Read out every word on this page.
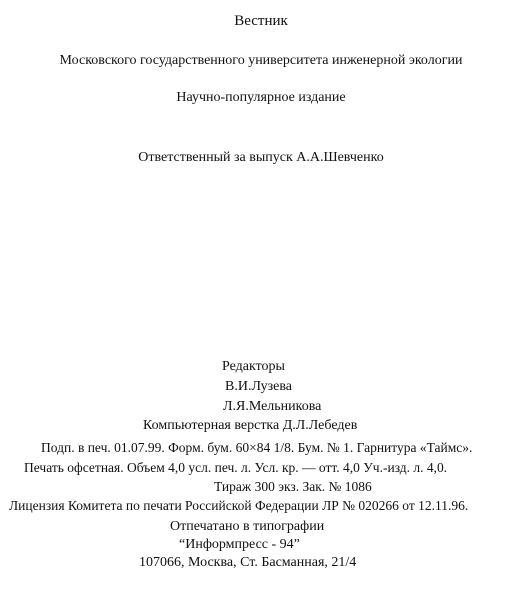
Вестник
Московского государственного университета инженерной экологии
Научно-популярное издание
Ответственный за выпуск А.А.Шевченко
Редакторы
В.И.Лузева
Л.Я.Мельникова
Компьютерная верстка Д.Л.Лебедев
Подп. в печ. 01.07.99. Форм. бум. 60×84 1/8. Бум. № 1. Гарнитура «Таймс».
Печать офсетная. Объем 4,0 усл. печ. л. Усл. кр. — отт. 4,0 Уч.-изд. л. 4,0.
Тираж 300 экз. Зак. № 1086
Лицензия Комитета по печати Российской Федерации ЛР № 020266 от 12.11.96.
Отпечатано в типографии
“Информпресс - 94”
107066, Москва, Ст. Басманная, 21/4
